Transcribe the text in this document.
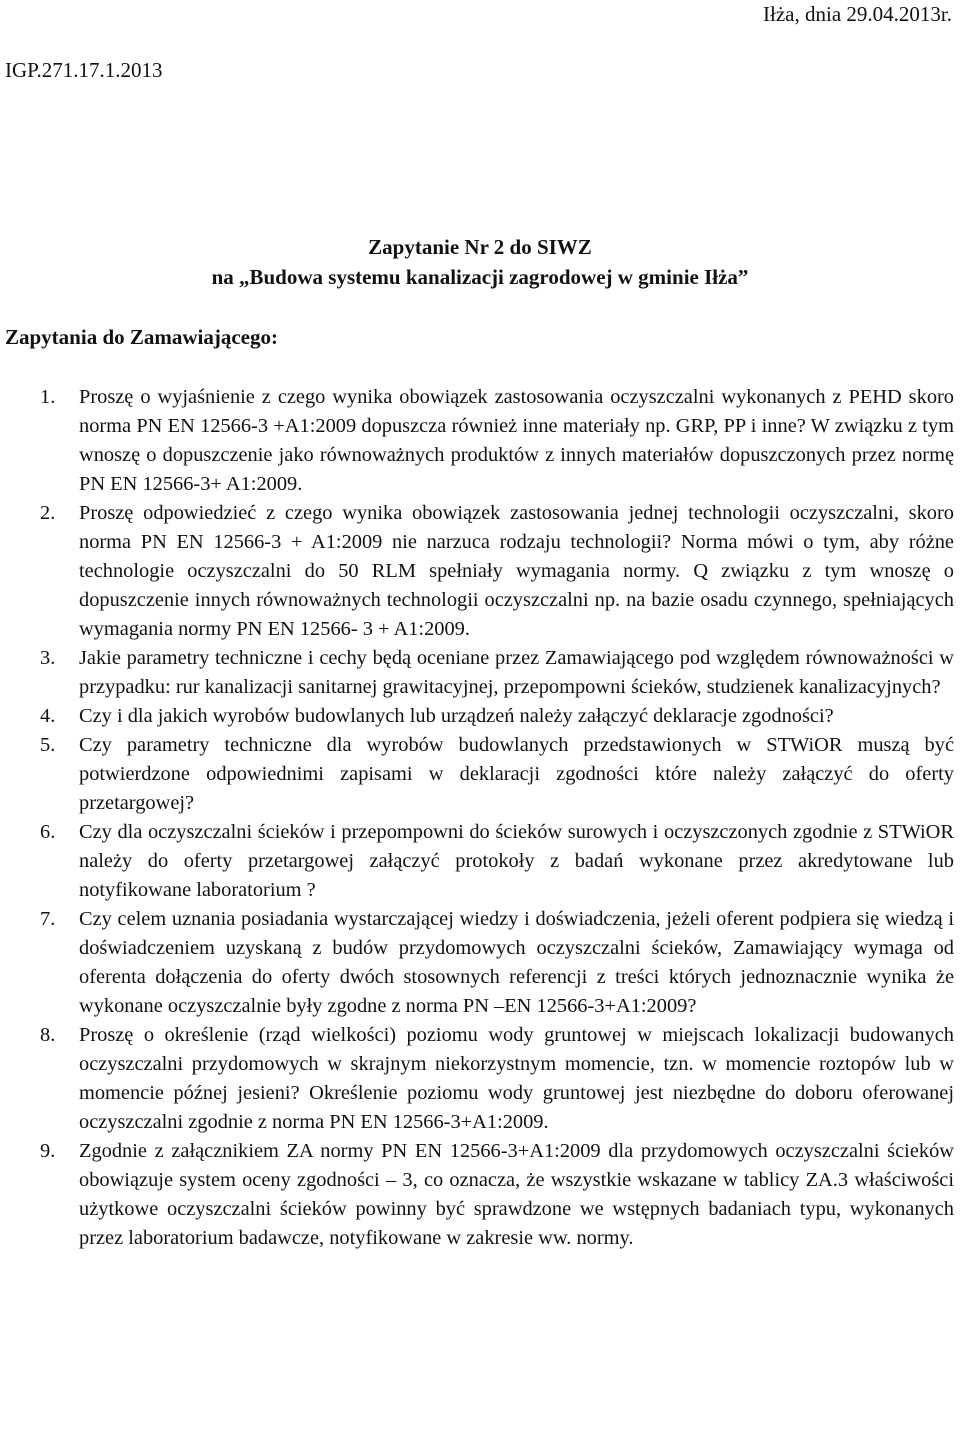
Iłża, dnia 29.04.2013r.

IGP.271.17.1.2013

Zapytanie Nr 2 do SIWZ
na „Budowa systemu kanalizacji zagrodowej w gminie Iłża”

Zapytania do Zamawiającego:

1. Proszę o wyjaśnienie z czego wynika obowiązek zastosowania oczyszczalni wykonanych z PEHD skoro norma PN EN 12566-3 +A1:2009 dopuszcza również inne materiały np. GRP, PP i inne? W związku z tym wnoszę o dopuszczenie jako równoważnych produktów z innych materiałów dopuszczonych przez normę PN EN 12566-3+ A1:2009.
2. Proszę odpowiedzieć z czego wynika obowiązek zastosowania jednej technologii oczyszczalni, skoro norma PN EN 12566-3 + A1:2009 nie narzuca rodzaju technologii? Norma mówi o tym, aby różne technologie oczyszczalni do 50 RLM spełniały wymagania normy. Q związku z tym wnoszę o dopuszczenie innych równoważnych technologii oczyszczalni np. na bazie osadu czynnego, spełniających wymagania normy PN EN 12566- 3 + A1:2009.
3. Jakie parametry techniczne i cechy będą oceniane przez Zamawiającego pod względem równoważności w przypadku: rur kanalizacji sanitarnej grawitacyjnej, przepompowni ścieków, studzienek kanalizacyjnych?
4. Czy i dla jakich wyrobów budowlanych lub urządzeń należy załączyć deklaracje zgodności?
5. Czy parametry techniczne dla wyrobów budowlanych przedstawionych w STWiOR muszą być potwierdzone odpowiednimi zapisami w deklaracji zgodności które należy załączyć do oferty przetargowej?
6. Czy dla oczyszczalni ścieków i przepompowni do ścieków surowych i oczyszczonych zgodnie z STWiOR należy do oferty przetargowej załączyć protokoły z badań wykonane przez akredytowane lub notyfikowane laboratorium ?
7. Czy celem uznania posiadania wystarczającej wiedzy i doświadczenia, jeżeli oferent podpiera się wiedzą i doświadczeniem uzyskaną z budów przydomowych oczyszczalni ścieków, Zamawiający wymaga od oferenta dołączenia do oferty dwóch stosownych referencji z treści których jednoznacznie wynika że wykonane oczyszczalnie były zgodne z norma PN –EN 12566-3+A1:2009?
8. Proszę o określenie (rząd wielkości) poziomu wody gruntowej w miejscach lokalizacji budowanych oczyszczalni przydomowych w skrajnym niekorzystnym momencie, tzn. w momencie roztopów lub w momencie późnej jesieni? Określenie poziomu wody gruntowej jest niezbędne do doboru oferowanej oczyszczalni zgodnie z norma PN EN 12566-3+A1:2009.
9. Zgodnie z załącznikiem ZA normy PN EN 12566-3+A1:2009 dla przydomowych oczyszczalni ścieków obowiązuje system oceny zgodności – 3, co oznacza, że wszystkie wskazane w tablicy ZA.3 właściwości użytkowe oczyszczalni ścieków powinny być sprawdzone we wstępnych badaniach typu, wykonanych przez laboratorium badawcze, notyfikowane w zakresie ww. normy.
